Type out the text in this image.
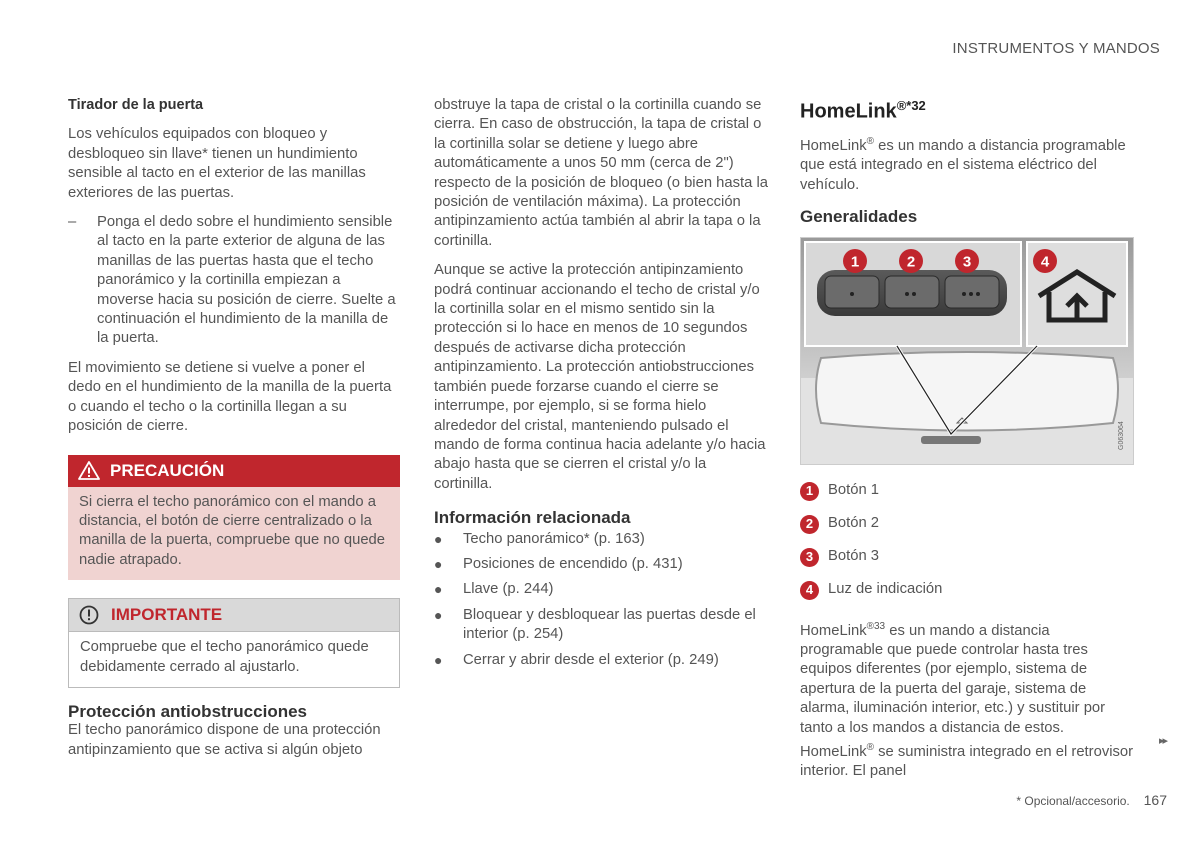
INSTRUMENTOS Y MANDOS

Tirador de la puerta

Los vehículos equipados con bloqueo y desbloqueo sin llave* tienen un hundimiento sensible al tacto en el exterior de las manillas exteriores de las puertas.

–	Ponga el dedo sobre el hundimiento sensible al tacto en la parte exterior de alguna de las manillas de las puertas hasta que el techo panorámico y la cortinilla empiezan a moverse hacia su posición de cierre. Suelte a continuación el hundimiento de la manilla de la puerta.

El movimiento se detiene si vuelve a poner el dedo en el hundimiento de la manilla de la puerta o cuando el techo o la cortinilla llegan a su posición de cierre.

PRECAUCIÓN
Si cierra el techo panorámico con el mando a distancia, el botón de cierre centralizado o la manilla de la puerta, compruebe que no quede nadie atrapado.
IMPORTANTE
Compruebe que el techo panorámico quede debidamente cerrado al ajustarlo.

Protección antiobstrucciones

El techo panorámico dispone de una protección antipinzamiento que se activa si algún objeto

obstruye la tapa de cristal o la cortinilla cuando se cierra. En caso de obstrucción, la tapa de cristal o la cortinilla solar se detiene y luego abre automáticamente a unos 50 mm (cerca de 2") respecto de la posición de bloqueo (o bien hasta la posición de ventilación máxima). La protección antipinzamiento actúa también al abrir la tapa o la cortinilla.

Aunque se active la protección antipinzamiento podrá continuar accionando el techo de cristal y/o la cortinilla solar en el mismo sentido sin la protección si lo hace en menos de 10 segundos después de activarse dicha protección antipinzamiento. La protección antiobstrucciones también puede forzarse cuando el cierre se interrumpe, por ejemplo, si se forma hielo alrededor del cristal, manteniendo pulsado el mando de forma continua hacia adelante y/o hacia abajo hasta que se cierren el cristal y/o la cortinilla.

Información relacionada

●	Techo panorámico* (p. 163)
●	Posiciones de encendido (p. 431)
●	Llave (p. 244)
●	Bloquear y desbloquear las puertas desde el interior (p. 254)
●	Cerrar y abrir desde el exterior (p. 249)

HomeLink$^{®*32}$

HomeLink® es un mando a distancia programable que está integrado en el sistema eléctrico del vehículo.

Generalidades

1	2	3	4
G063064
1	Botón 1
2	Botón 2
3	Botón 3
4	Luz de indicación

HomeLink$^{®33}$ es un mando a distancia programable que puede controlar hasta tres equipos diferentes (por ejemplo, sistema de apertura de la puerta del garaje, sistema de alarma, iluminación interior, etc.) y sustituir por tanto a los mandos a distancia de estos. HomeLink® se suministra integrado en el retrovisor interior. El panel

▸▸
* Opcional/accesorio. 167
